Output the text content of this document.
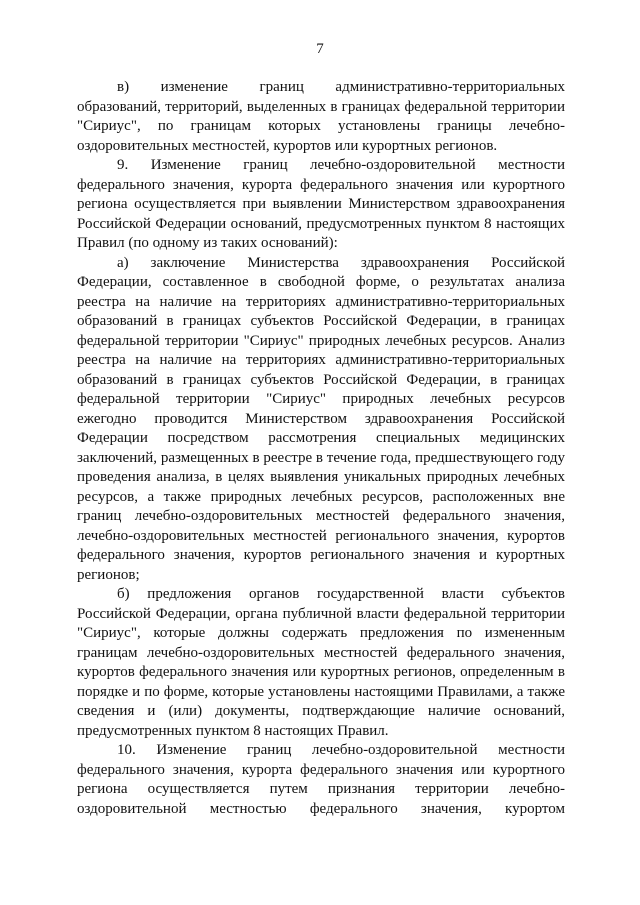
7

в) изменение границ административно-территориальных образований, территорий, выделенных в границах федеральной территории "Сириус", по границам которых установлены границы лечебно-оздоровительных местностей, курортов или курортных регионов.

9. Изменение границ лечебно-оздоровительной местности федерального значения, курорта федерального значения или курортного региона осуществляется при выявлении Министерством здравоохранения Российской Федерации оснований, предусмотренных пунктом 8 настоящих Правил (по одному из таких оснований):

а) заключение Министерства здравоохранения Российской Федерации, составленное в свободной форме, о результатах анализа реестра на наличие на территориях административно-территориальных образований в границах субъектов Российской Федерации, в границах федеральной территории "Сириус" природных лечебных ресурсов. Анализ реестра на наличие на территориях административно-территориальных образований в границах субъектов Российской Федерации, в границах федеральной территории "Сириус" природных лечебных ресурсов ежегодно проводится Министерством здравоохранения Российской Федерации посредством рассмотрения специальных медицинских заключений, размещенных в реестре в течение года, предшествующего году проведения анализа, в целях выявления уникальных природных лечебных ресурсов, а также природных лечебных ресурсов, расположенных вне границ лечебно-оздоровительных местностей федерального значения, лечебно-оздоровительных местностей регионального значения, курортов федерального значения, курортов регионального значения и курортных регионов;

б) предложения органов государственной власти субъектов Российской Федерации, органа публичной власти федеральной территории "Сириус", которые должны содержать предложения по измененным границам лечебно-оздоровительных местностей федерального значения, курортов федерального значения или курортных регионов, определенным в порядке и по форме, которые установлены настоящими Правилами, а также сведения и (или) документы, подтверждающие наличие оснований, предусмотренных пунктом 8 настоящих Правил.

10. Изменение границ лечебно-оздоровительной местности федерального значения, курорта федерального значения или курортного региона осуществляется путем признания территории лечебно-оздоровительной местностью федерального значения, курортом
